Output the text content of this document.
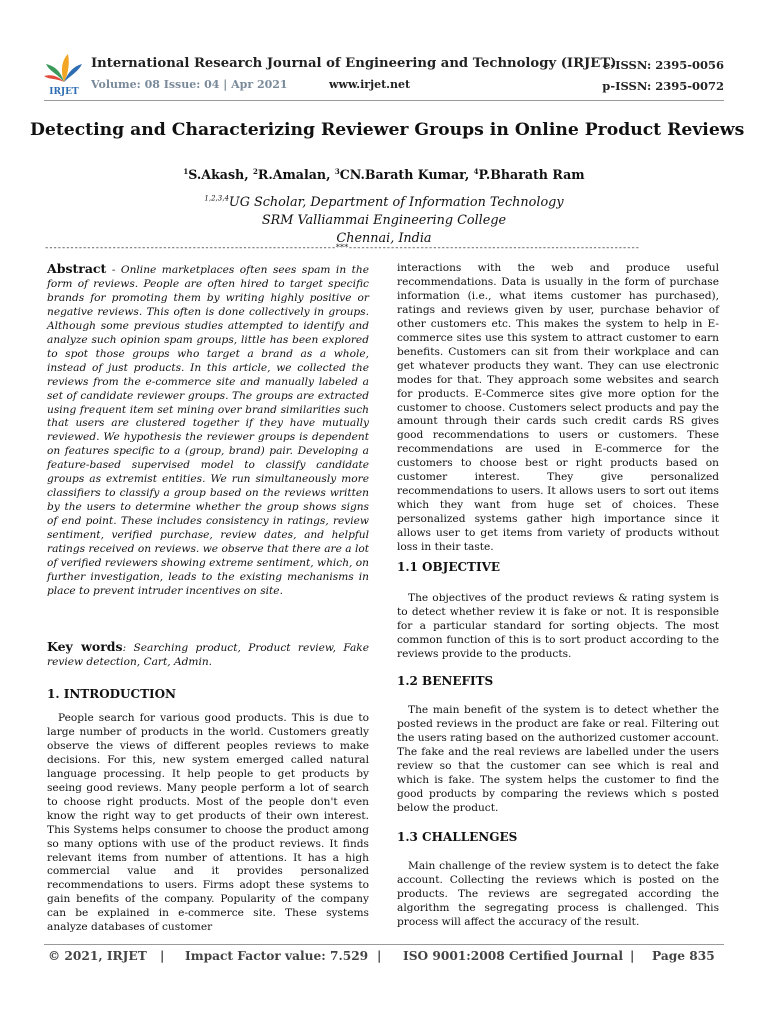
IRJET
International Research Journal of Engineering and Technology (IRJET)
Volume: 08 Issue: 04 | Apr 2021	www.irjet.net
e-ISSN: 2395-0056
p-ISSN: 2395-0072
Detecting and Characterizing Reviewer Groups in Online Product Reviews
$^1$S.Akash, $^2$R.Amalan, $^3$CN.Barath Kumar, $^4$P.Bharath Ram
$^{1,2,3,4}$UG Scholar, Department of Information Technology
SRM Valliammai Engineering College
Chennai, India
---------------------------------------------------------------------***---------------------------------------------------------------------

Abstract - Online marketplaces often sees spam in the form of reviews. People are often hired to target specific brands for promoting them by writing highly positive or negative reviews. This often is done collectively in groups. Although some previous studies attempted to identify and analyze such opinion spam groups, little has been explored to spot those groups who target a brand as a whole, instead of just products. In this article, we collected the reviews from the e-commerce site and manually labeled a set of candidate reviewer groups. The groups are extracted using frequent item set mining over brand similarities such that users are clustered together if they have mutually reviewed. We hypothesis the reviewer groups is dependent on features specific to a (group, brand) pair. Developing a feature-based supervised model to classify candidate groups as extremist entities. We run simultaneously more classifiers to classify a group based on the reviews written by the users to determine whether the group shows signs of end point. These includes consistency in ratings, review sentiment, verified purchase, review dates, and helpful ratings received on reviews. we observe that there are a lot of verified reviewers showing extreme sentiment, which, on further investigation, leads to the existing mechanisms in place to prevent intruder incentives on site.

Key words: Searching product, Product review, Fake review detection, Cart, Admin.

1. INTRODUCTION

People search for various good products. This is due to large number of products in the world. Customers greatly observe the views of different peoples reviews to make decisions. For this, new system emerged called natural language processing. It help people to get products by seeing good reviews. Many people perform a lot of search to choose right products. Most of the people don't even know the right way to get products of their own interest. This Systems helps consumer to choose the product among so many options with use of the product reviews. It finds relevant items from number of attentions. It has a high commercial value and it provides personalized recommendations to users. Firms adopt these systems to gain benefits of the company. Popularity of the company can be explained in e-commerce site. These systems analyze databases of customer

interactions with the web and produce useful recommendations. Data is usually in the form of purchase information (i.e., what items customer has purchased), ratings and reviews given by user, purchase behavior of other customers etc. This makes the system to help in E-commerce sites use this system to attract customer to earn benefits. Customers can sit from their workplace and can get whatever products they want. They can use electronic modes for that. They approach some websites and search for products. E-Commerce sites give more option for the customer to choose. Customers select products and pay the amount through their cards such credit cards RS gives good recommendations to users or customers. These recommendations are used in E-commerce for the customers to choose best or right products based on customer interest. They give personalized recommendations to users. It allows users to sort out items which they want from huge set of choices. These personalized systems gather high importance since it allows user to get items from variety of products without loss in their taste.

1.1 OBJECTIVE

The objectives of the product reviews & rating system is to detect whether review it is fake or not. It is responsible for a particular standard for sorting objects. The most common function of this is to sort product according to the reviews provide to the products.

1.2 BENEFITS

The main benefit of the system is to detect whether the posted reviews in the product are fake or real. Filtering out the users rating based on the authorized customer account. The fake and the real reviews are labelled under the users review so that the customer can see which is real and which is fake. The system helps the customer to find the good products by comparing the reviews which s posted below the product.

1.3 CHALLENGES

Main challenge of the review system is to detect the fake account. Collecting the reviews which is posted on the products. The reviews are segregated according the algorithm the segregating process is challenged. This process will affect the accuracy of the result.

© 2021, IRJET | Impact Factor value: 7.529 | ISO 9001:2008 Certified Journal | Page 835
